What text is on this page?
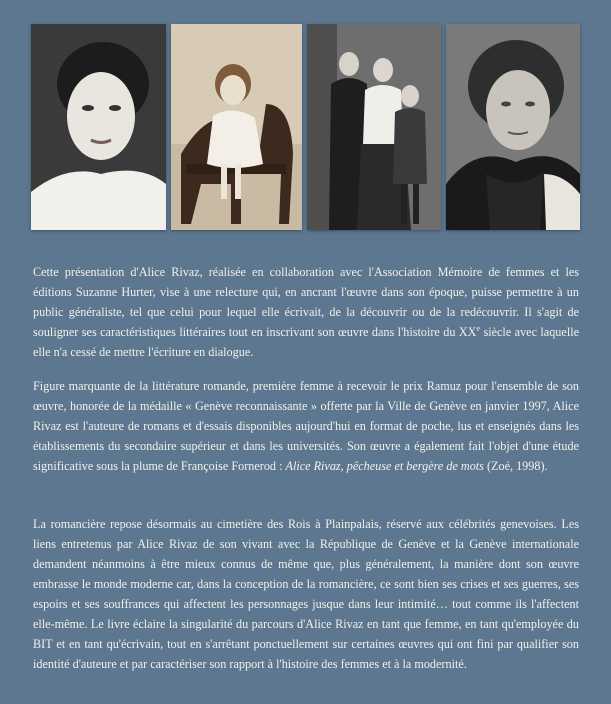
Cette présentation d'Alice Rivaz, réalisée en collaboration avec l'Association Mémoire de femmes et les éditions Suzanne Hurter, vise à une relecture qui, en ancrant l'œuvre dans son époque, puisse permettre à un public généraliste, tel que celui pour lequel elle écrivait, de la découvrir ou de la redécouvrir. Il s'agit de souligner ses caractéristiques littéraires tout en inscrivant son œuvre dans l'histoire du XXe siècle avec laquelle elle n'a cessé de mettre l'écriture en dialogue.

Figure marquante de la littérature romande, première femme à recevoir le prix Ramuz pour l'ensemble de son œuvre, honorée de la médaille « Genève reconnaissante » offerte par la Ville de Genève en janvier 1997, Alice Rivaz est l'auteure de romans et d'essais disponibles aujourd'hui en format de poche, lus et enseignés dans les établissements du secondaire supérieur et dans les universités. Son œuvre a également fait l'objet d'une étude significative sous la plume de Françoise Fornerod : Alice Rivaz, pêcheuse et bergère de mots (Zoé, 1998).

La romancière repose désormais au cimetière des Rois à Plainpalais, réservé aux célébrités genevoises. Les liens entretenus par Alice Rivaz de son vivant avec la République de Genève et la Genève internationale demandent néanmoins à être mieux connus de même que, plus généralement, la manière dont son œuvre embrasse le monde moderne car, dans la conception de la romancière, ce sont bien ses crises et ses guerres, ses espoirs et ses souffrances qui affectent les personnages jusque dans leur intimité… tout comme ils l'affectent elle-même. Le livre éclaire la singularité du parcours d'Alice Rivaz en tant que femme, en tant qu'employée du BIT et en tant qu'écrivain, tout en s'arrêtant ponctuellement sur certaines œuvres qui ont fini par qualifier son identité d'auteure et par caractériser son rapport à l'histoire des femmes et à la modernité.
